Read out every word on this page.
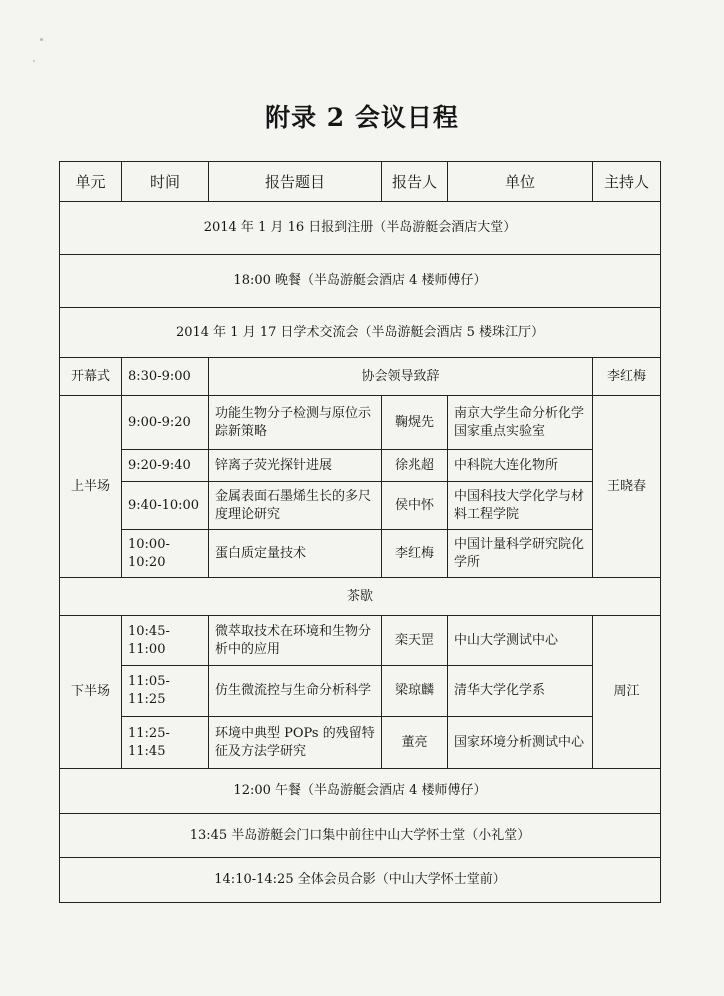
附录 2 会议日程
单元	时间	报告题目	报告人	单位	主持人
2014 年 1 月 16 日报到注册（半岛游艇会酒店大堂）					
18:00 晚餐（半岛游艇会酒店 4 楼师傅仔）					
2014 年 1 月 17 日学术交流会（半岛游艇会酒店 5 楼珠江厅）					
开幕式	8:30-9:00	协会领导致辞			李红梅
上半场	9:00-9:20	功能生物分子检测与原位示踪新策略	鞠熀先	南京大学生命分析化学国家重点实验室	王晓春
	9:20-9:40	锌离子荧光探针进展	徐兆超	中科院大连化物所	
	9:40-10:00	金属表面石墨烯生长的多尺度理论研究	侯中怀	中国科技大学化学与材料工程学院	
	10:00-10:20	蛋白质定量技术	李红梅	中国计量科学研究院化学所	
茶歇					
下半场	10:45-11:00	微萃取技术在环境和生物分析中的应用	栾天罡	中山大学测试中心	周江
	11:05-11:25	仿生微流控与生命分析科学	梁琼麟	清华大学化学系	
	11:25-11:45	环境中典型 POPs 的残留特征及方法学研究	董亮	国家环境分析测试中心	
12:00 午餐（半岛游艇会酒店 4 楼师傅仔）					
13:45 半岛游艇会门口集中前往中山大学怀士堂（小礼堂）					
14:10-14:25 全体会员合影（中山大学怀士堂前）					
